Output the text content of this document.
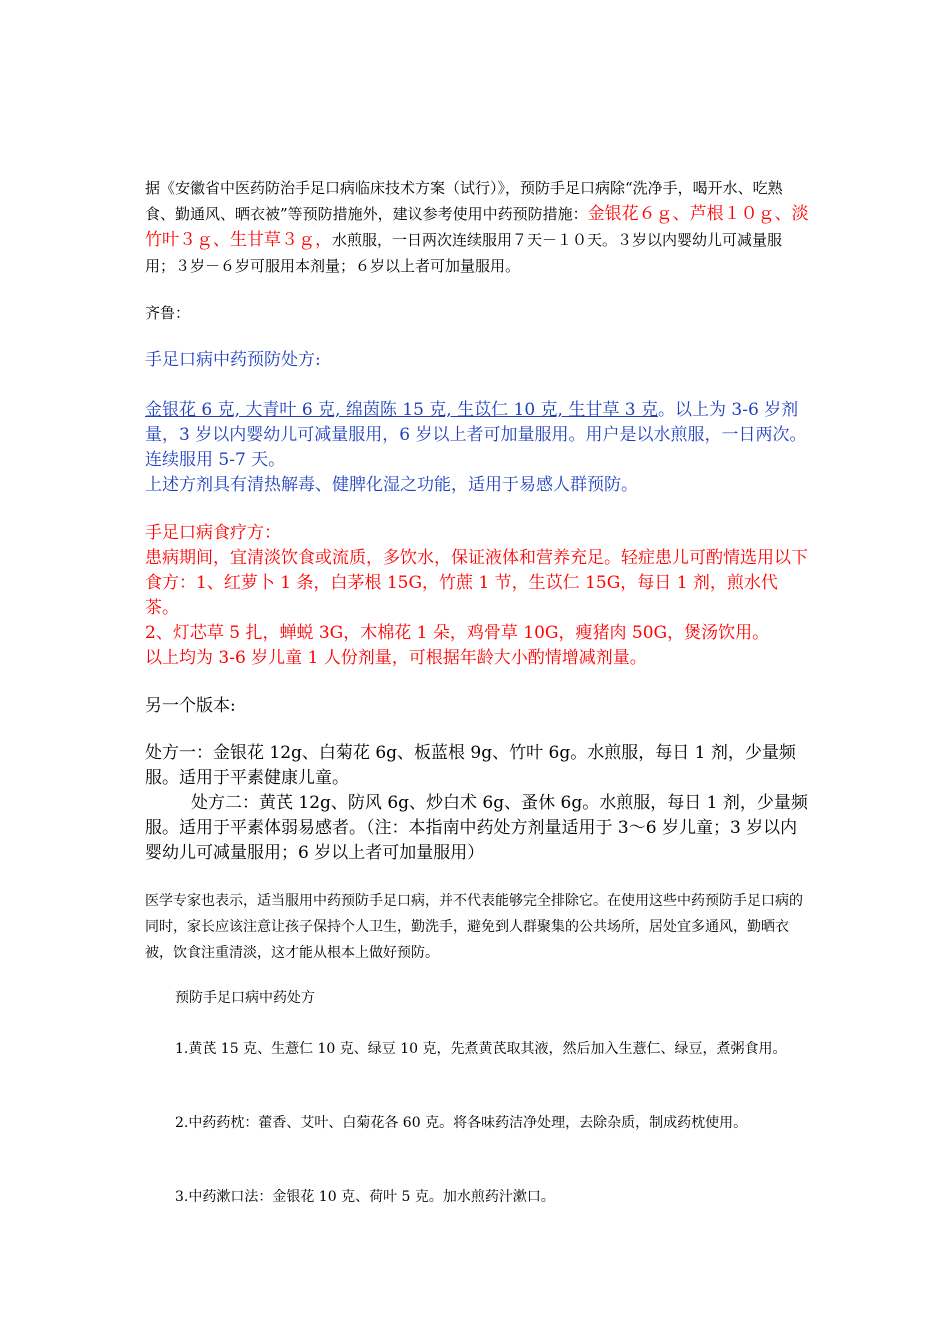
据《安徽省中医药防治手足口病临床技术方案（试行）》，预防手足口病除“洗净手，喝开水、吃熟食、勤通风、晒衣被”等预防措施外，建议参考使用中药预防措施：金银花６ｇ、芦根１０ｇ、淡竹叶３ｇ、生甘草３ｇ，水煎服，一日两次连续服用７天－１０天。３岁以内婴幼儿可减量服用；３岁－６岁可服用本剂量；６岁以上者可加量服用。

齐鲁：

手足口病中药预防处方:

金银花 6 克, 大青叶 6 克, 绵茵陈 15 克, 生苡仁 10 克, 生甘草 3 克。以上为 3-6 岁剂量，3 岁以内婴幼儿可减量服用，6 岁以上者可加量服用。用户是以水煎服，一日两次。连续服用 5-7 天。
上述方剂具有清热解毒、健脾化湿之功能，适用于易感人群预防。

手足口病食疗方：
患病期间，宜清淡饮食或流质，多饮水，保证液体和营养充足。轻症患儿可酌情选用以下食方：1、红萝卜 1 条，白茅根 15G，竹蔗 1 节，生苡仁 15G，每日 1 剂，煎水代茶。
2、灯芯草 5 扎，蝉蜕 3G，木棉花 1 朵，鸡骨草 10G，瘦猪肉 50G，煲汤饮用。
以上均为 3-6 岁儿童 1 人份剂量，可根据年龄大小酌情增减剂量。

另一个版本:

处方一：金银花 12g、白菊花 6g、板蓝根 9g、竹叶 6g。水煎服，每日 1 剂，少量频服。适用于平素健康儿童。
处方二：黄芪 12g、防风 6g、炒白术 6g、蚤休 6g。水煎服，每日 1 剂，少量频服。适用于平素体弱易感者。（注：本指南中药处方剂量适用于 3～6 岁儿童；3 岁以内婴幼儿可减量服用；6 岁以上者可加量服用）

医学专家也表示，适当服用中药预防手足口病，并不代表能够完全排除它。在使用这些中药预防手足口病的同时，家长应该注意让孩子保持个人卫生，勤洗手，避免到人群聚集的公共场所，居处宜多通风，勤晒衣被，饮食注重清淡，这才能从根本上做好预防。

预防手足口病中药处方

1.黄芪 15 克、生薏仁 10 克、绿豆 10 克，先煮黄芪取其液，然后加入生薏仁、绿豆，煮粥食用。

2.中药药枕：藿香、艾叶、白菊花各 60 克。将各味药洁净处理，去除杂质，制成药枕使用。

3.中药漱口法：金银花 10 克、荷叶 5 克。加水煎药汁漱口。
